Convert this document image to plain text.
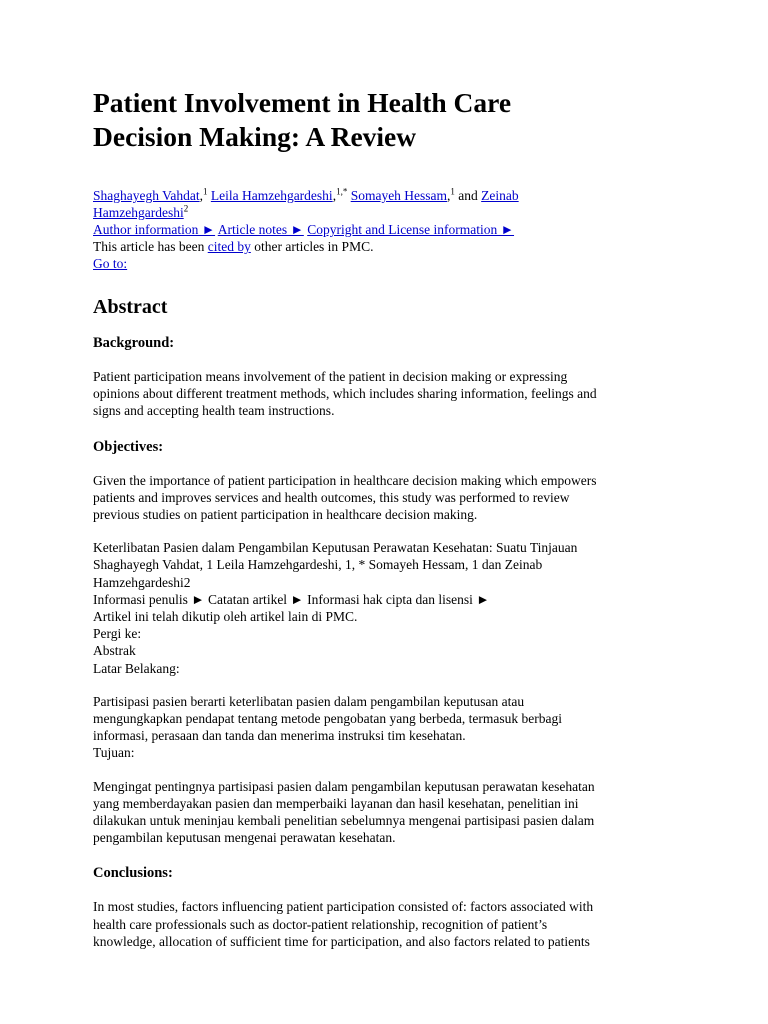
Patient Involvement in Health Care
Decision Making: A Review
Shaghayegh Vahdat,$^1$ Leila Hamzehgardeshi,$^{1,*}$ Somayeh Hessam,$^1$ and Zeinab
Hamzehgardeshi$^2$
Author information ► Article notes ► Copyright and License information ►
This article has been cited by other articles in PMC.
Go to:
Abstract
Background:

Patient participation means involvement of the patient in decision making or expressing
opinions about different treatment methods, which includes sharing information, feelings and
signs and accepting health team instructions.

Objectives:

Given the importance of patient participation in healthcare decision making which empowers
patients and improves services and health outcomes, this study was performed to review
previous studies on patient participation in healthcare decision making.

Keterlibatan Pasien dalam Pengambilan Keputusan Perawatan Kesehatan: Suatu Tinjauan
Shaghayegh Vahdat, 1 Leila Hamzehgardeshi, 1, * Somayeh Hessam, 1 dan Zeinab
Hamzehgardeshi2
Informasi penulis ► Catatan artikel ► Informasi hak cipta dan lisensi ►
Artikel ini telah dikutip oleh artikel lain di PMC.
Pergi ke:
Abstrak
Latar Belakang:

Partisipasi pasien berarti keterlibatan pasien dalam pengambilan keputusan atau
mengungkapkan pendapat tentang metode pengobatan yang berbeda, termasuk berbagi
informasi, perasaan dan tanda dan menerima instruksi tim kesehatan.
Tujuan:

Mengingat pentingnya partisipasi pasien dalam pengambilan keputusan perawatan kesehatan
yang memberdayakan pasien dan memperbaiki layanan dan hasil kesehatan, penelitian ini
dilakukan untuk meninjau kembali penelitian sebelumnya mengenai partisipasi pasien dalam
pengambilan keputusan mengenai perawatan kesehatan.

Conclusions:

In most studies, factors influencing patient participation consisted of: factors associated with
health care professionals such as doctor-patient relationship, recognition of patient’s
knowledge, allocation of sufficient time for participation, and also factors related to patients
